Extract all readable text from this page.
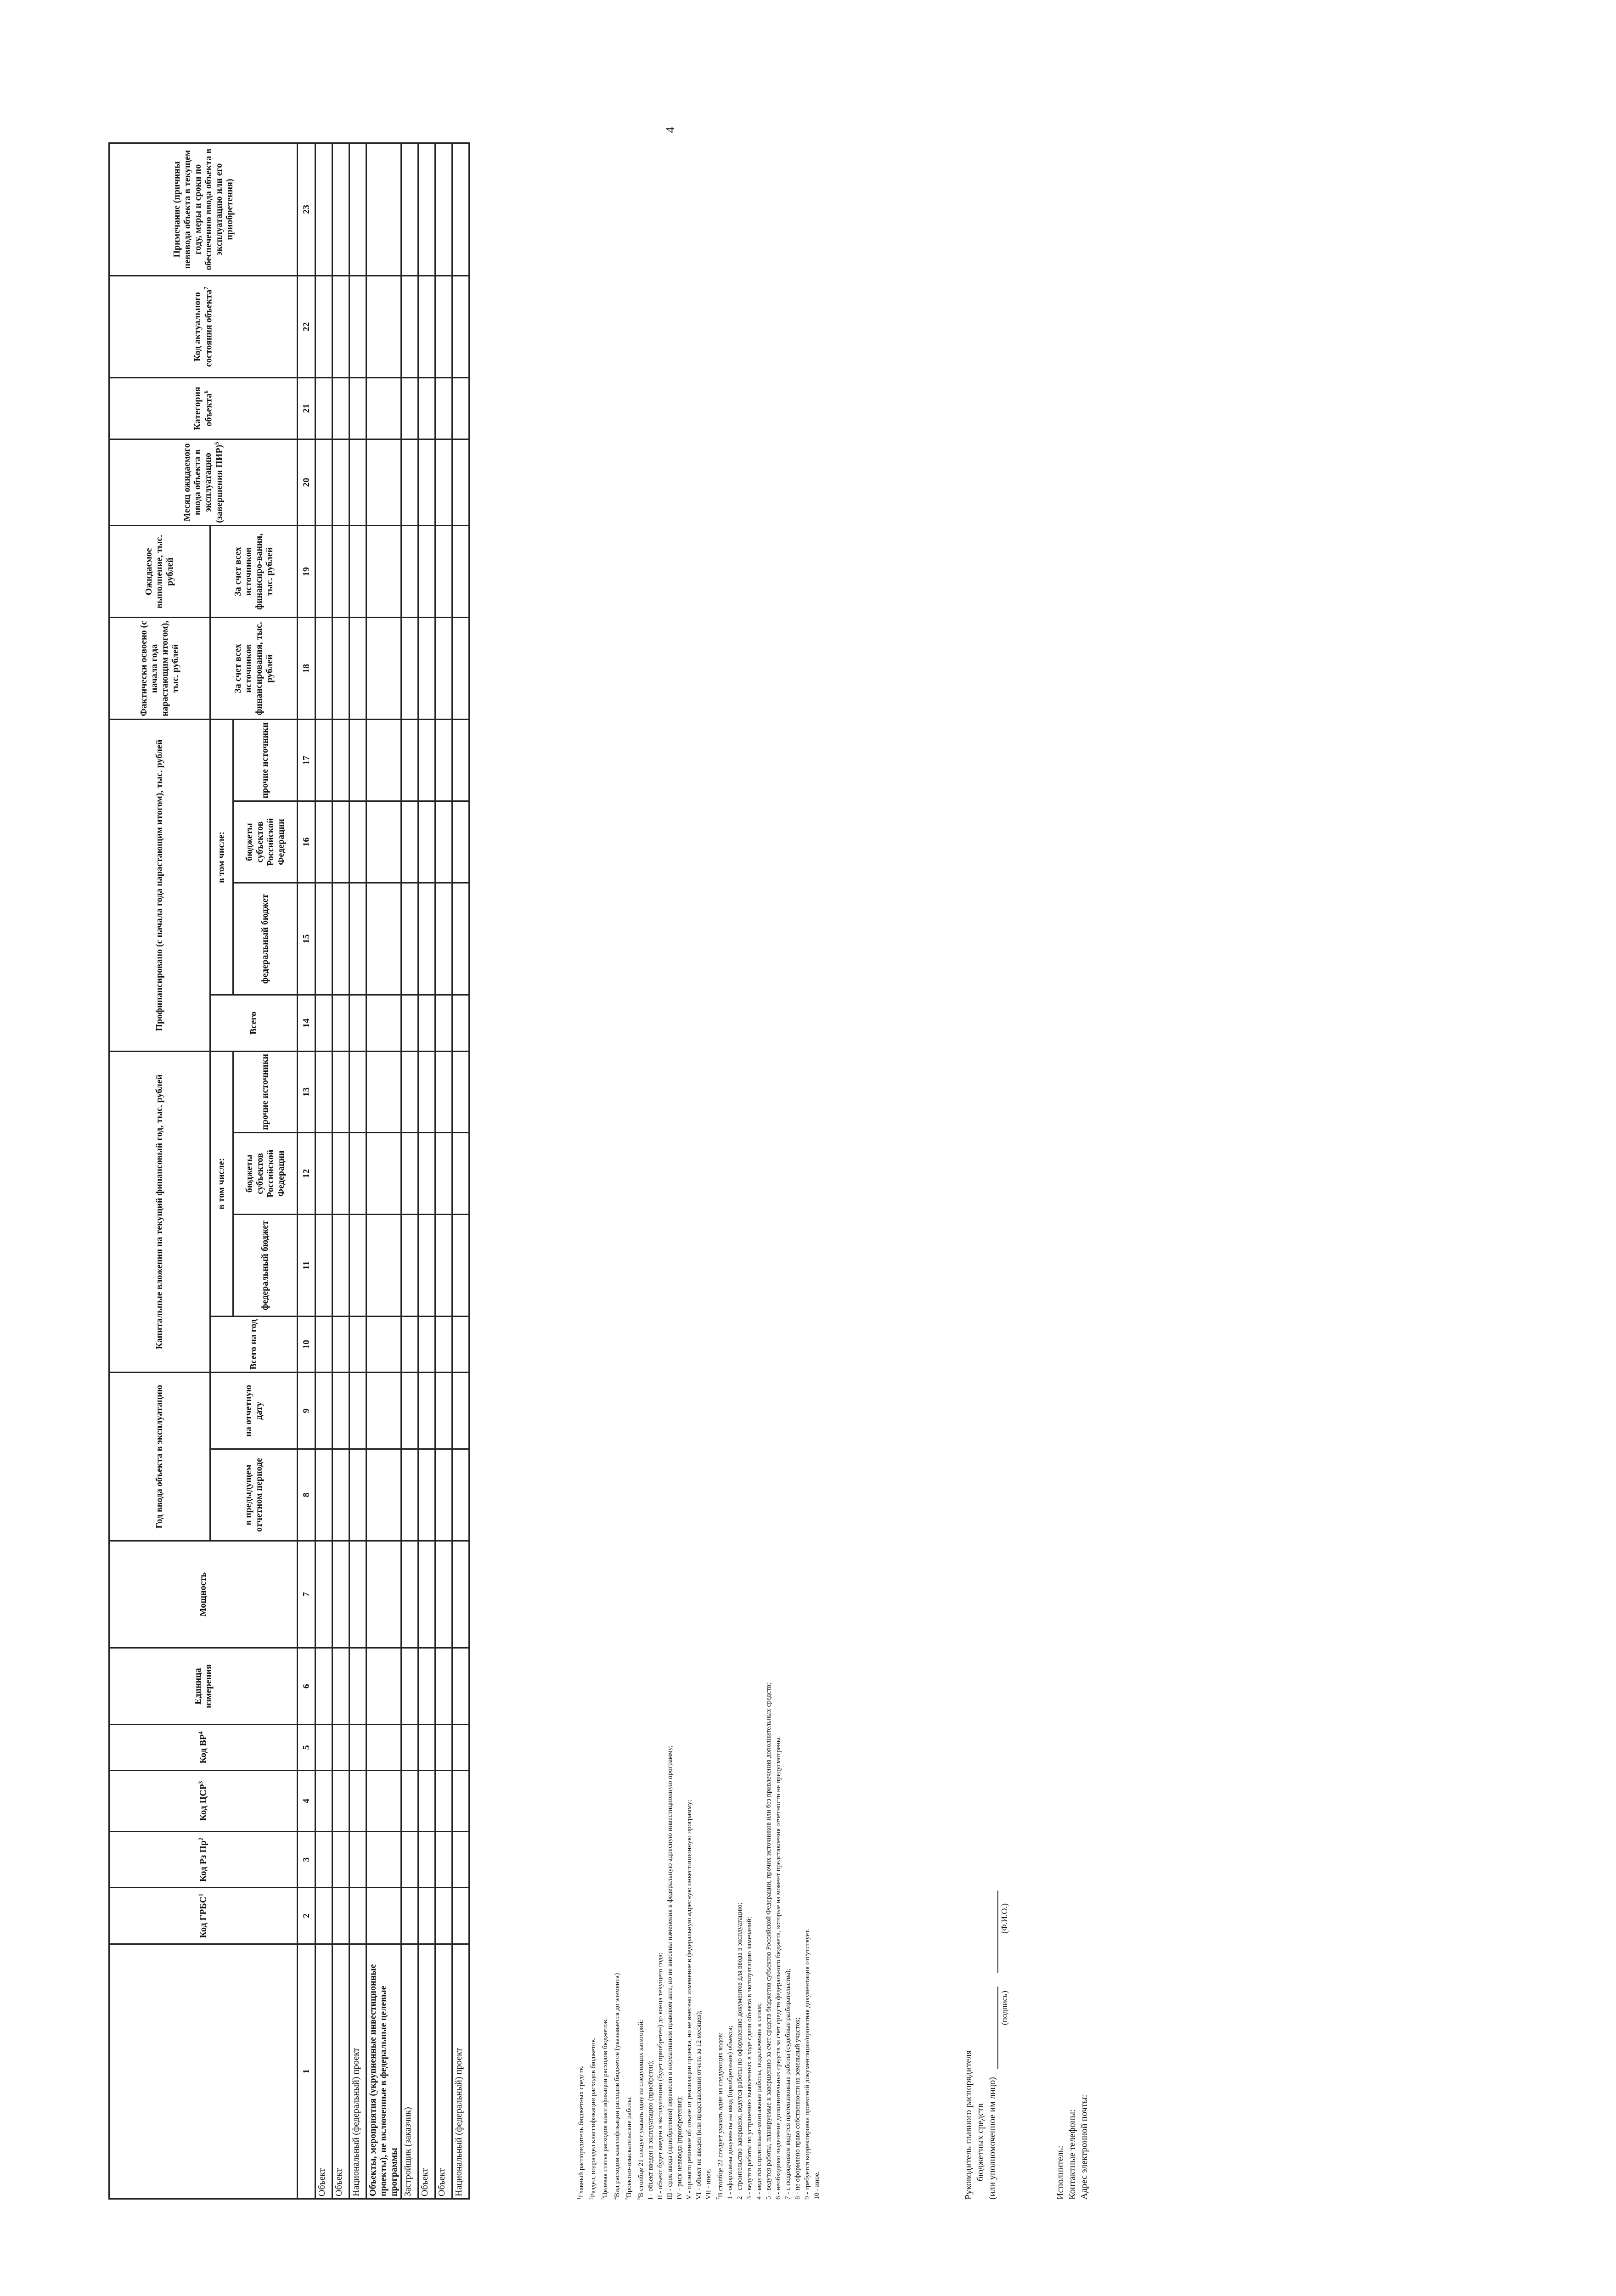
4
	Код ГРБС$^1$	Код Рз $Пр^2$	Код ЦСР$^3$	Код $ВР^4$	Единица измерения	Мощность	Год ввода объекта в эксплуатацию		Капитальные вложения на текущий финансовый год, тыс. рублей				Профинансировано (с начала года нарастающим итогом), тыс. рублей				Фактически освоено (с начала года нарастающим итогом), тыс. рублей	Ожидаемое выполнение, тыс. рублей	Месяц ожидаемого ввода объекта в эксплуатацию (завершения ПИР)$^5$	Категория объекта$^6$	Код актуального состояния объекта$^7$	Примечание (причины невввода объекта в текущем году, меры и сроки по обеспечению ввода объекта в эксплуатацию или его приобретения)
							в предыдущем отчетном периоде	на отчетную дату	Всего на год	в том числе:			Всего	в том числе:			За счет всех источников финансирования, тыс. рублей	За счет всех источников финансиро-вания, тыс. рублей				
										федеральный бюджет	бюджеты субъектов Российской Федерации	прочие источники		федеральный бюджет	бюджеты субъектов Российской Федерации	прочие источники						
1	2	3	4	5	6	7	8	9	10	11	12	13	14	15	16	17	18	19	20	21	22	23
Объект																						
Объект																						
Национальный (федеральный) проект																						
Объекты, мероприятия (укрупненные инвестиционные проекты), не включенные в федеральные целевые программы																						
Застройщик (заказчик)																						
Объект																						
Объект																						
Национальный (федеральный) проект																						
$^1$Главный распорядитель бюджетных средств.
$^2$Раздел, подраздел классификации расходов бюджетов.
$^3$Целевая статья расходов классификации расходов бюджетов.
$^4$Вид расходов классификации расходов бюджетов (указывается до элемента)
$^5$Проектно-изыскательские работы.
$^6$В столбце 21 следует указать одну из следующих категорий: I - объект введен в эксплуатацию (приобретен); II - объект будет введен в эксплуатацию (будет приобретен) до конца текущего года; III - срок ввода (приобретения) перенесен в нормативном правовом акте, но не внесены изменения в федеральную адресную инвестиционную программу; IV - риск невввода (приобретения); V - принято решение об отказе от реализации проекта, но не внесено изменение в федеральную адресную инвестиционную программу; VI - объект не введен (или представлении отчета за 12 месяцев); VII - иное. $^7$В столбце 22 следует указать один из следующих кодов: 1 - оформлены документы на ввод (приобретение) объекта; 2 - строительство завершено, ведутся работы по оформлению документов для ввода в эксплуатацию; 3 - ведутся работы по устранению выявленных в ходе сдачи объекта в эксплуатацию замечаний; 4 - ведутся строительно-монтажные работы, подключение к сетям; 5 - ведутся работы, планируемые к завершению за счет средств бюджетов субъектов Российской Федерации, прочих источников или без привлечения дополнительных средств; 6 - необходимо выделение дополнительных средств за счет средств федерального бюджета, которые на момент представления отчетности не предусмотрены. 7 - с подрядчиком ведутся претензионные работы (судебные разбирательства); 8 - не оформлено право собственности на земельный участок; 9 - требуется корректировка проектной документации/проектная документация отсутствует. 10 - иное.	Руководитель главного распорядителя бюджетных средств (или уполномоченное им лицо)
(подпись) (Ф.И.О.)
Исполнитель: Контактные телефоны: Адрес электронной почты:
